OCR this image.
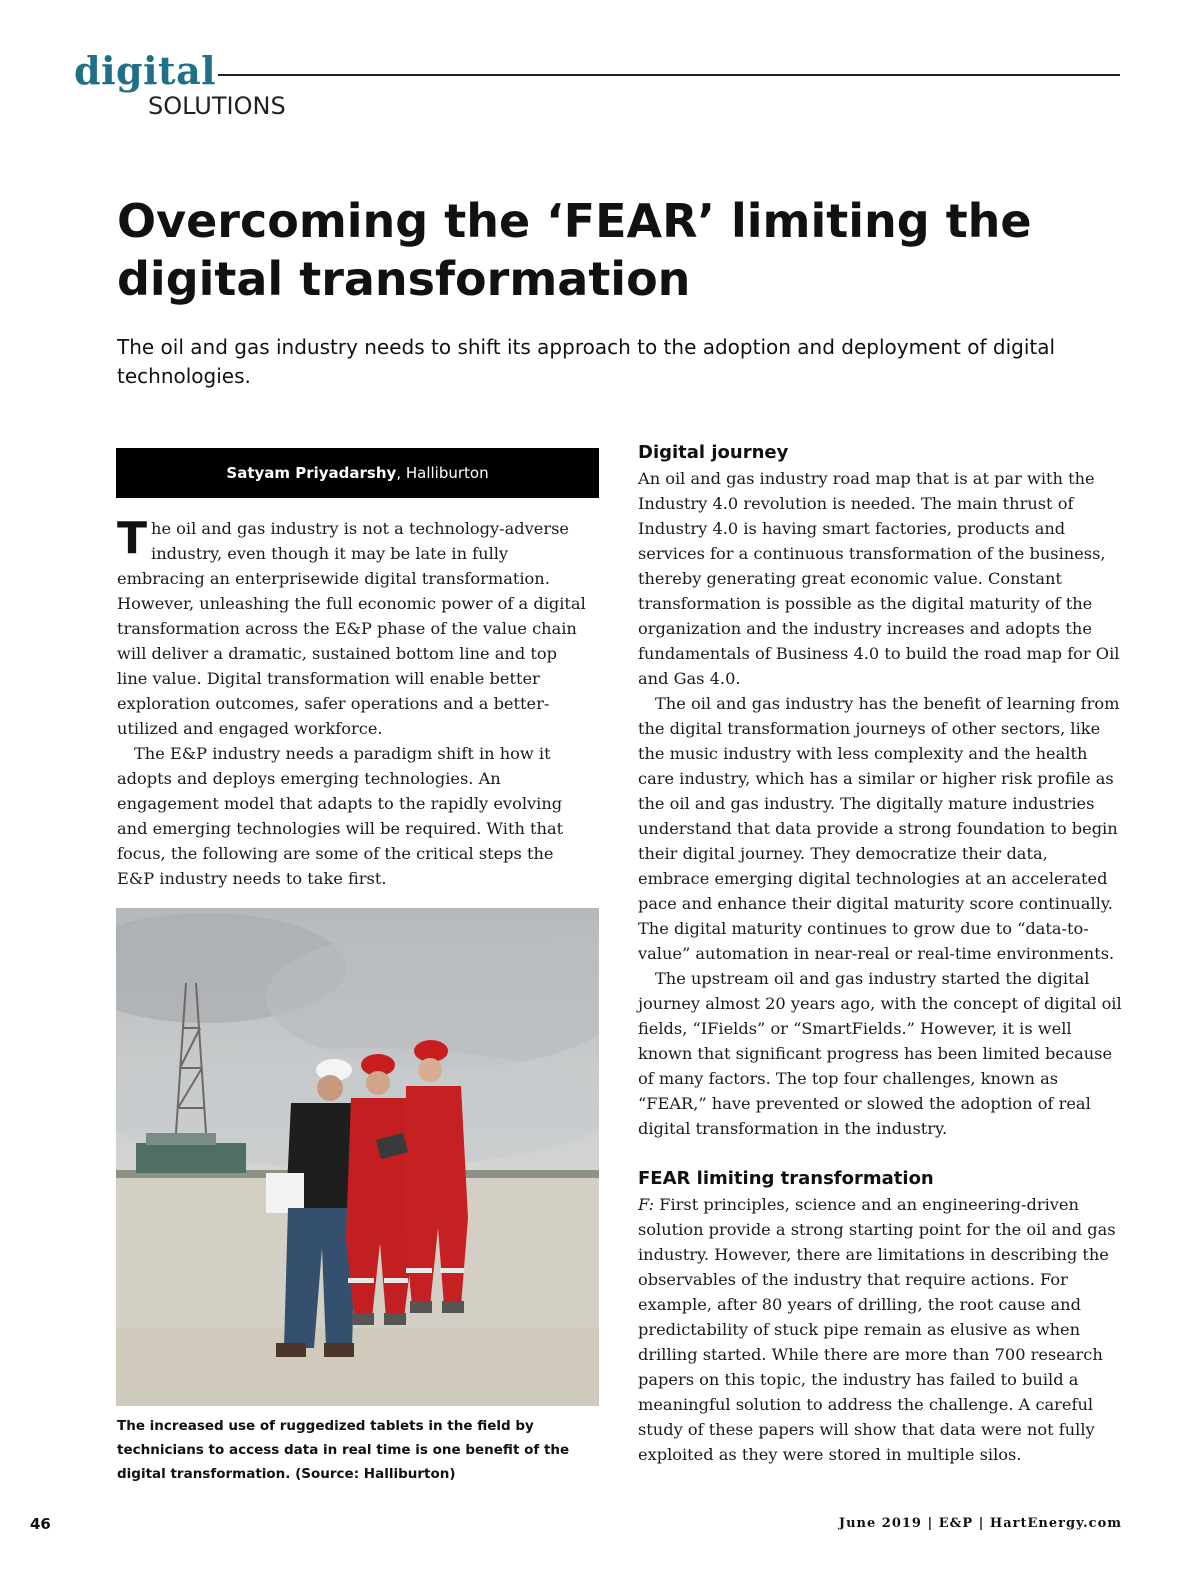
digital
SOLUTIONS
Overcoming the ‘FEAR’ limiting the digital transformation
The oil and gas industry needs to shift its approach to the adoption and deployment of digital technologies.
Satyam Priyadarshy , Halliburton

The oil and gas industry is not a technology-adverse industry, even though it may be late in fully embracing an enterprisewide digital transformation. However, unleashing the full economic power of a digital transformation across the E&P phase of the value chain will deliver a dramatic, sustained bottom line and top line value. Digital transformation will enable better exploration outcomes, safer operations and a better-utilized and engaged workforce.

The E&P industry needs a paradigm shift in how it adopts and deploys emerging technologies. An engagement model that adapts to the rapidly evolving and emerging technologies will be required. With that focus, the following are some of the critical steps the E&P industry needs to take first.

The increased use of ruggedized tablets in the field by technicians to access data in real time is one benefit of the digital transformation. (Source: Halliburton)
Digital journey

An oil and gas industry road map that is at par with the Industry 4.0 revolution is needed. The main thrust of Industry 4.0 is having smart factories, products and services for a continuous transformation of the business, thereby generating great economic value. Constant transformation is possible as the digital maturity of the organization and the industry increases and adopts the fundamentals of Business 4.0 to build the road map for Oil and Gas 4.0.

The oil and gas industry has the benefit of learning from the digital transformation journeys of other sectors, like the music industry with less complexity and the health care industry, which has a similar or higher risk profile as the oil and gas industry. The digitally mature industries understand that data provide a strong foundation to begin their digital journey. They democratize their data, embrace emerging digital technologies at an accelerated pace and enhance their digital maturity score continually. The digital maturity continues to grow due to “data-to-value” automation in near-real or real-time environments.

The upstream oil and gas industry started the digital journey almost 20 years ago, with the concept of digital oil fields, “IFields” or “SmartFields.” However, it is well known that significant progress has been limited because of many factors. The top four challenges, known as “FEAR,” have prevented or slowed the adoption of real digital transformation in the industry.

FEAR limiting transformation

F: First principles, science and an engineering-driven solution provide a strong starting point for the oil and gas industry. However, there are limitations in describing the observables of the industry that require actions. For example, after 80 years of drilling, the root cause and predictability of stuck pipe remain as elusive as when drilling started. While there are more than 700 research papers on this topic, the industry has failed to build a meaningful solution to address the challenge. A careful study of these papers will show that data were not fully exploited as they were stored in multiple silos.

46	June 2019 | E&P | HartEnergy.com
